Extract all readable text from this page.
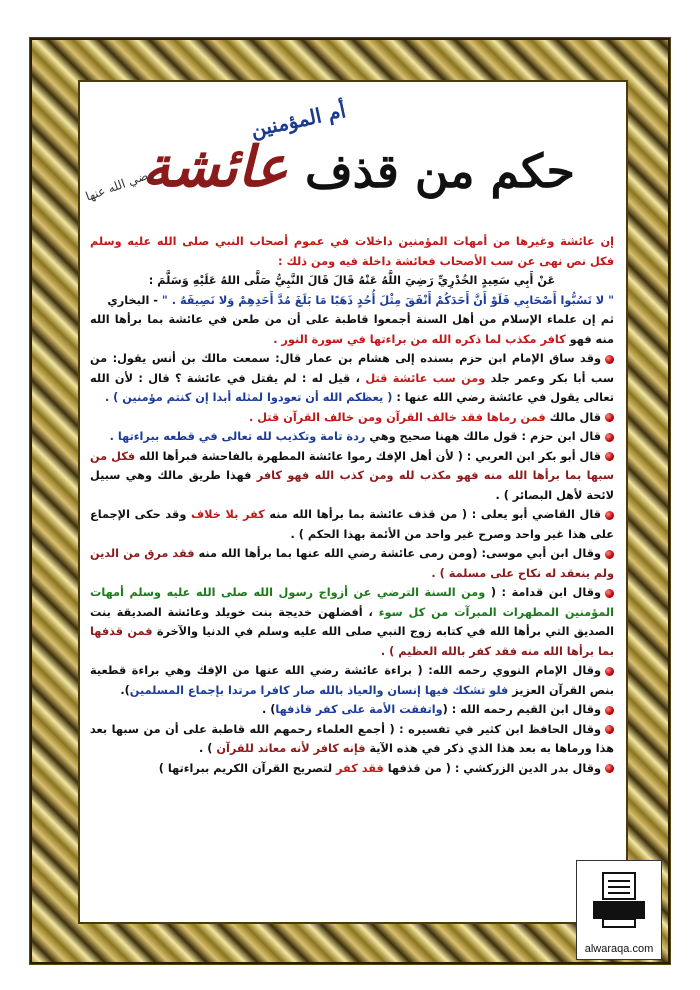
أم المؤمنين
عائشة حكم من قذف
رضي الله عنها

إن عائشة وغيرها من أمهات المؤمنين داخلات في عموم أصحاب النبي صلى الله عليه وسلم فكل نص نهى عن سب الأصحاب فعائشة داخلة فيه ومن ذلك :

عَنْ أَبِي سَعِيدٍ الخُدْرِيِّ رَضِيَ اللَّهُ عَنْهُ قَالَ قَالَ النَّبِيُّ صَلَّى اللهُ عَلَيْهِ وَسَلَّمَ :

" لا تَسُبُّوا أَصْحَابِي فَلَوْ أَنَّ أَحَدَكُمْ أَنْفَقَ مِثْلَ أُحُدٍ ذَهَبًا مَا بَلَغَ مُدَّ أَحَدِهِمْ وَلا نَصِيفَهُ . " - البخاري

ثم إن علماء الإسلام من أهل السنة أجمعوا قاطبة على أن من طعن في عائشة بما برأها الله منه فهو كافر مكذب لما ذكره الله من براءتها في سورة النور .

وقد ساق الإمام ابن حزم بسنده إلى هشام بن عمار قال: سمعت مالك بن أنس يقول: من سب أبا بكر وعمر جلد ومن سب عائشة قتل ، قيل له : لم يقتل في عائشة ؟ قال : لأن الله تعالى يقول في عائشة رضي الله عنها : ( يعظكم الله أن تعودوا لمثله أبدا إن كنتم مؤمنين ) .

قال مالك فمن رماها فقد خالف القرآن ومن خالف القرآن قتل .

قال ابن حزم : قول مالك ههنا صحيح وهي ردة تامة وتكذيب لله تعالى في قطعه ببراءتها .

قال أبو بكر ابن العربي : ( لأن أهل الإفك رموا عائشة المطهرة بالفاحشة فبرأها الله فكل من سبها بما برأها الله منه فهو مكذب لله ومن كذب الله فهو كافر فهذا طريق مالك وهي سبيل لائحة لأهل البصائر ) .

قال القاضي أبو يعلى : ( من قذف عائشة بما برأها الله منه كفر بلا خلاف وقد حكى الإجماع على هذا غير واحد وصرح غير واحد من الأئمة بهذا الحكم ) .

وقال ابن أبي موسى: (ومن رمى عائشة رضي الله عنها بما برأها الله منه فقد مرق من الدين ولم ينعقد له نكاح على مسلمة ) .

وقال ابن قدامة : ( ومن السنة الترضي عن أزواج رسول الله صلى الله عليه وسلم أمهات المؤمنين المطهرات المبرآت من كل سوء ، أفضلهن خديجة بنت خويلد وعائشة الصديقة بنت الصديق التي برأها الله في كتابه زوج النبي صلى الله عليه وسلم في الدنيا والآخرة فمن قذفها بما برأها الله منه فقد كفر بالله العظيم ) .

وقال الإمام النووي رحمه الله: ( براءة عائشة رضي الله عنها من الإفك وهي براءة قطعية بنص القرآن العزيز فلو تشكك فيها إنسان والعياذ بالله صار كافرا مرتدا بإجماع المسلمين).

وقال ابن القيم رحمه الله : (واتفقت الأمة على كفر قاذفها) .

وقال الحافظ ابن كثير في تفسيره : ( أجمع العلماء رحمهم الله قاطبة على أن من سبها بعد هذا ورماها به بعد هذا الذي ذكر في هذه الآية فإنه كافر لأنه معاند للقرآن ) .

وقال بدر الدين الزركشي : ( من قذفها فقد كفر لتصريح القرآن الكريم ببراءتها )

alwaraqa.com
